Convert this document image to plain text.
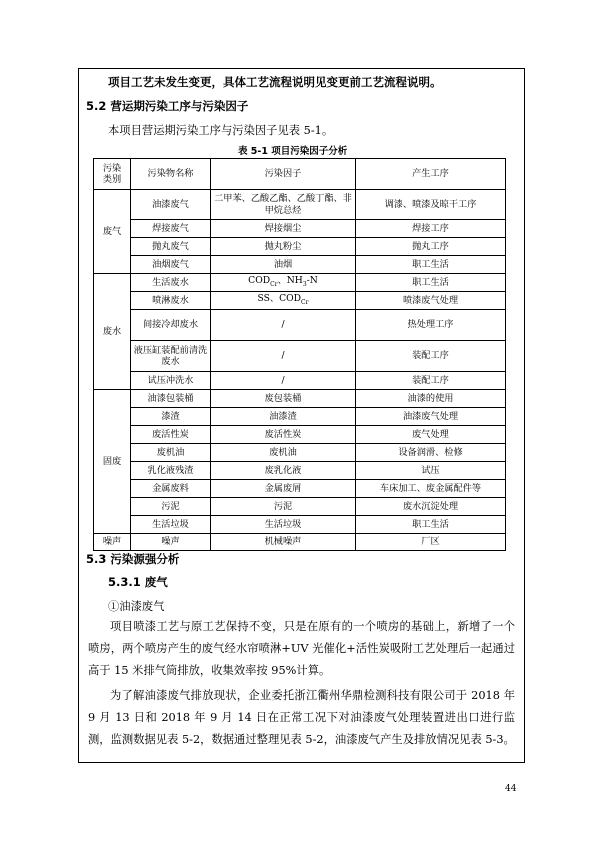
项目工艺未发生变更，具体工艺流程说明见变更前工艺流程说明。
5.2 营运期污染工序与污染因子
本项目营运期污染工序与污染因子见表 5-1。
表 5-1 项目污染因子分析
污染类别	污染物名称	污染因子	产生工序
废气	油漆废气	二甲苯、乙酸乙酯、乙酸丁酯、非甲烷总烃	调漆、喷漆及晾干工序
	焊接废气	焊接烟尘	焊接工序
	抛丸废气	抛丸粉尘	抛丸工序
	油烟废气	油烟	职工生活
废水	生活废水	$COD_{Cr}$、$NH_3-N$	职工生活
	喷淋废水	SS、$COD_{Cr}$	喷漆废气处理
	间接冷却废水	/	热处理工序
	液压缸装配前清洗废水	/	装配工序
	试压冲洗水	/	装配工序
固废	油漆包装桶	废包装桶	油漆的使用
	漆渣	油漆渣	油漆废气处理
	废活性炭	废活性炭	废气处理
	废机油	废机油	设备润滑、检修
	乳化液残渣	废乳化液	试压
	金属废料	金属废屑	车床加工、废金属配件等
	污泥	污泥	废水沉淀处理
	生活垃圾	生活垃圾	职工生活
噪声	噪声	机械噪声	厂区
5.3 污染源强分析
5.3.1 废气
①油漆废气
项目喷漆工艺与原工艺保持不变，只是在原有的一个喷房的基础上，新增了一个喷房，两个喷房产生的废气经水帘喷淋+UV 光催化+活性炭吸附工艺处理后一起通过高于 15 米排气筒排放，收集效率按 95%计算。
为了解油漆废气排放现状，企业委托浙江衢州华鼎检测科技有限公司于 2018 年 9 月 13 日和 2018 年 9 月 14 日在正常工况下对油漆废气处理装置进出口进行监测，监测数据见表 5-2，数据通过整理见表 5-2，油漆废气产生及排放情况见表 5-3。
44
